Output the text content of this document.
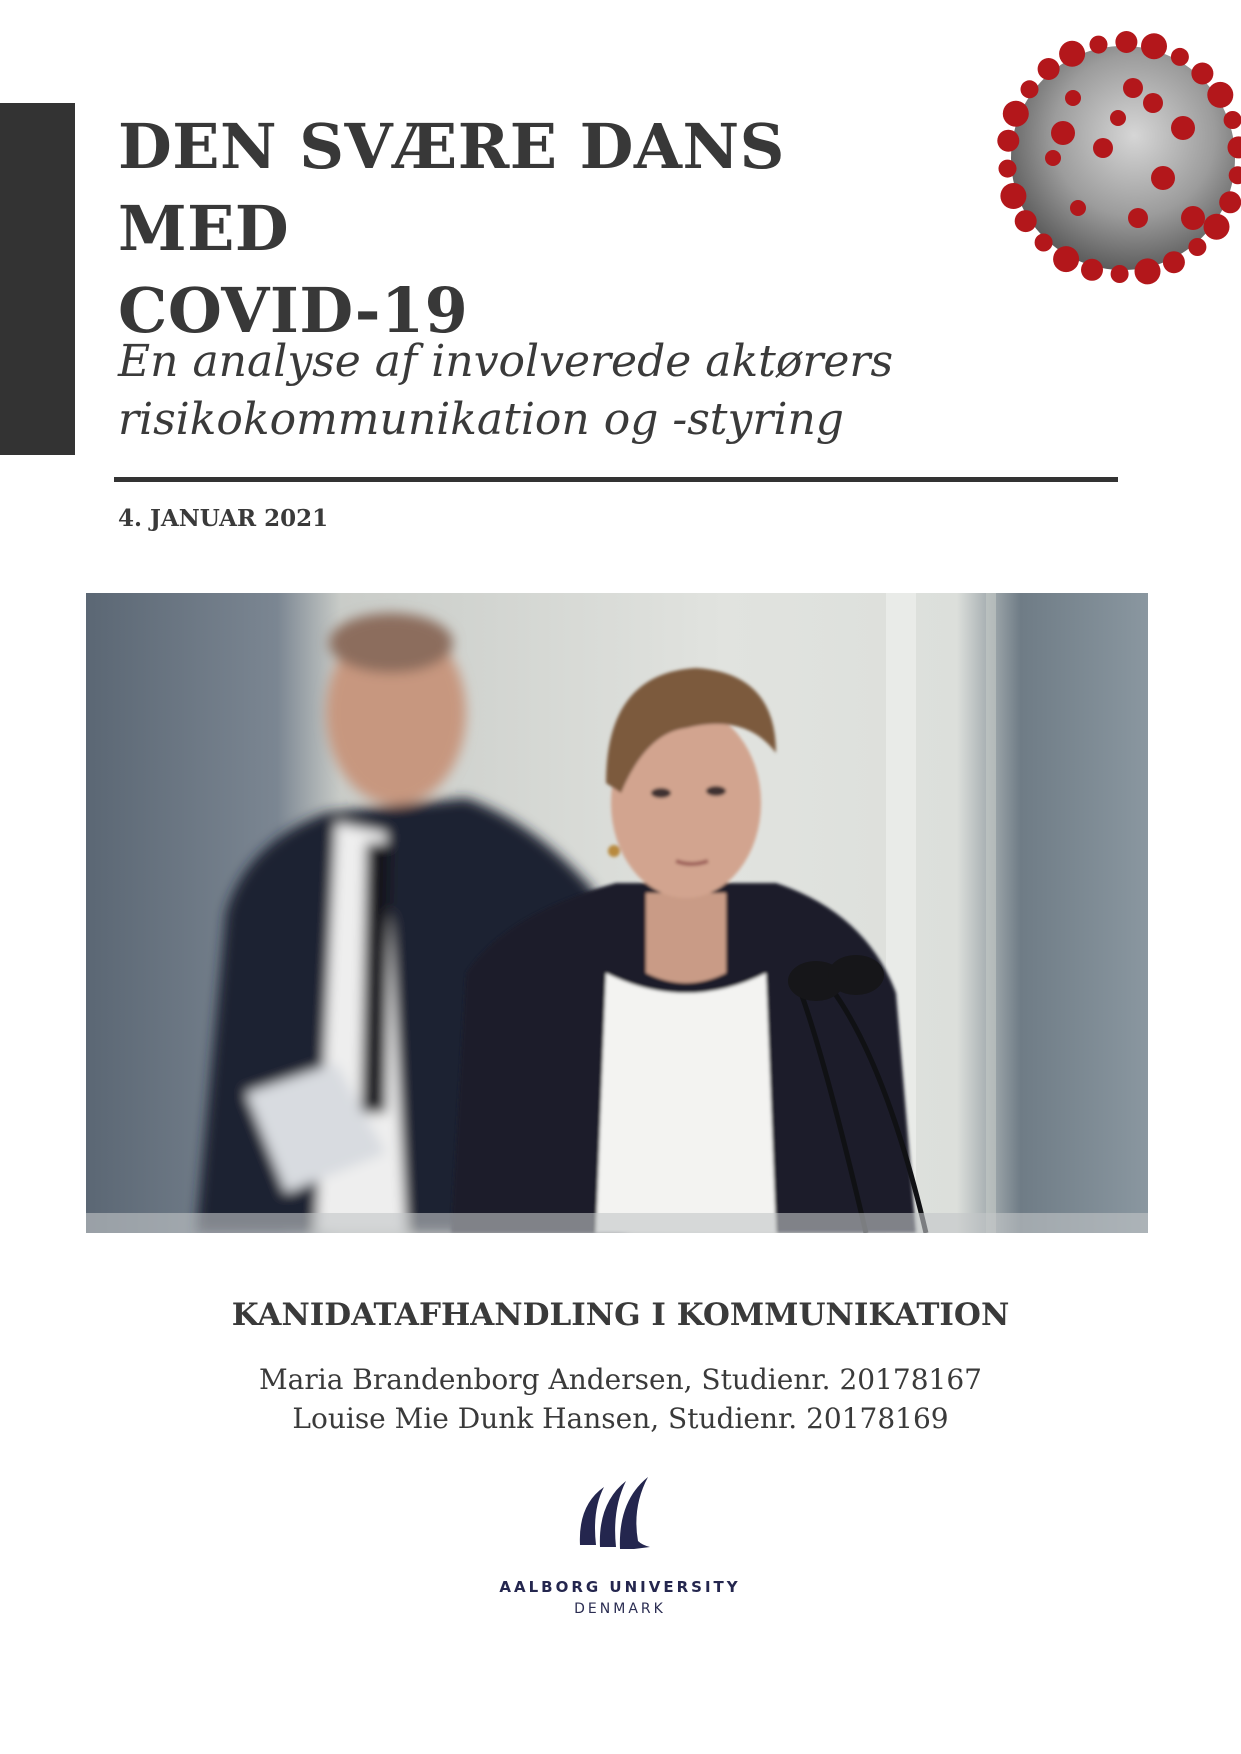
DEN SVÆRE DANS MED
COVID-19
En analyse af involverede aktørers
risikokommunikation og -styring
4. JANUAR 2021
KANIDATAFHANDLING I KOMMUNIKATION
Maria Brandenborg Andersen, Studienr. 20178167
Louise Mie Dunk Hansen, Studienr. 20178169
AALBORG UNIVERSITY
DENMARK
